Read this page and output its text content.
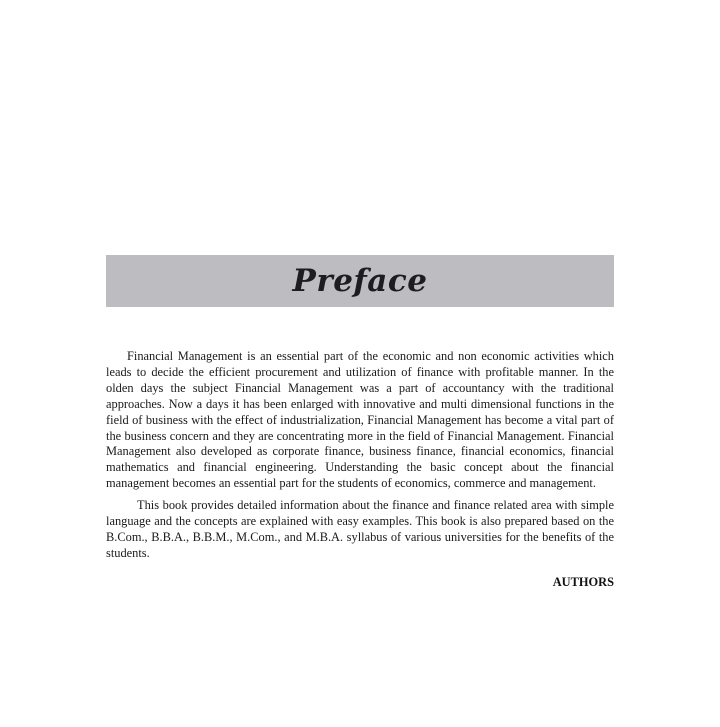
Preface

Financial Management is an essential part of the economic and non economic activities which leads to decide the efficient procurement and utilization of finance with profitable manner. In the olden days the subject Financial Management was a part of accountancy with the traditional approaches. Now a days it has been enlarged with innovative and multi dimensional functions in the field of business with the effect of industrialization, Financial Management has become a vital part of the business concern and they are concentrating more in the field of Financial Management. Financial Management also developed as corporate finance, business finance, financial economics, financial mathematics and financial engineering. Understanding the basic concept about the financial management becomes an essential part for the students of economics, commerce and management.

This book provides detailed information about the finance and finance related area with simple language and the concepts are explained with easy examples. This book is also prepared based on the B.Com., B.B.A., B.B.M., M.Com., and M.B.A. syllabus of various universities for the benefits of the students.

AUTHORS
